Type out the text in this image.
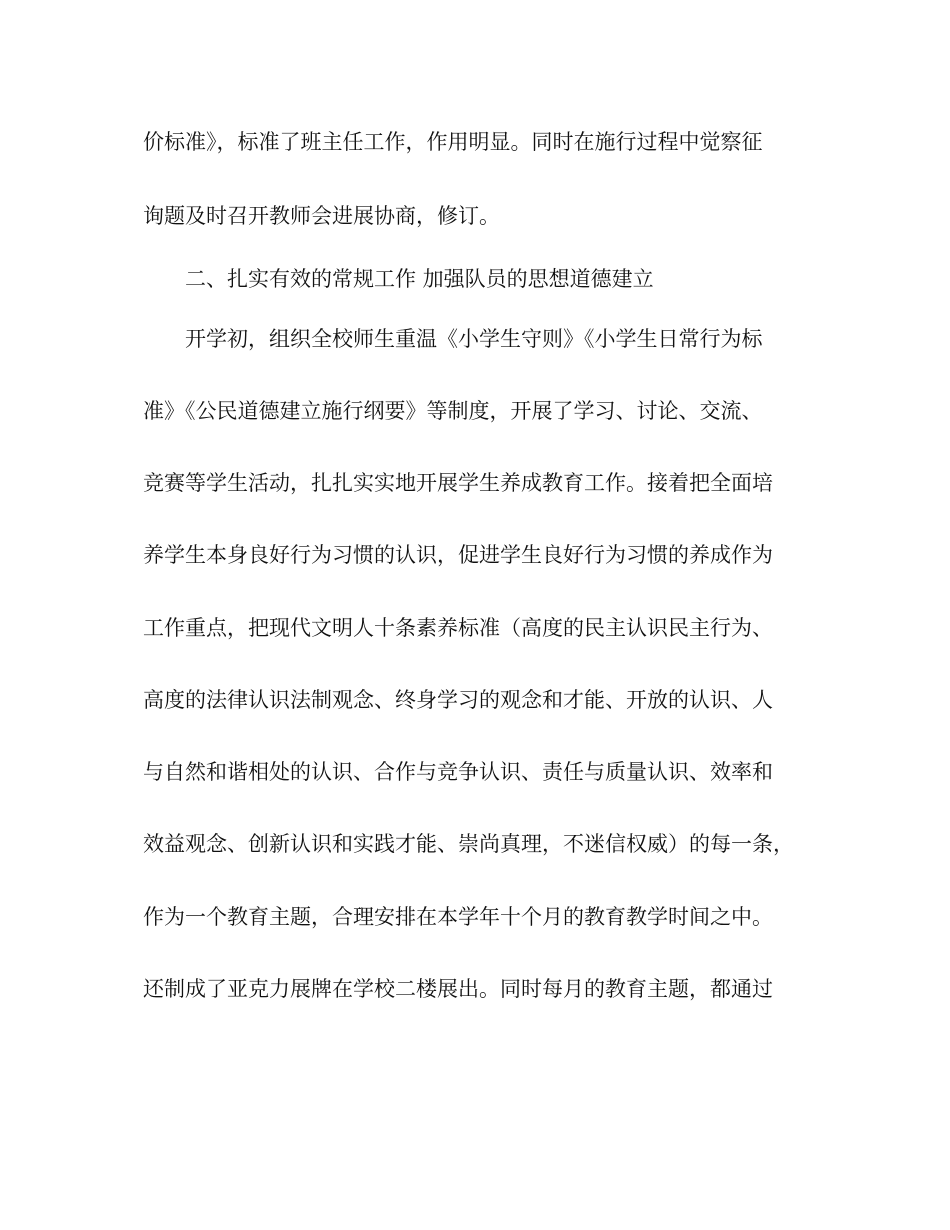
价标准》，标准了班主任工作，作用明显。同时在施行过程中觉察征
询题及时召开教师会进展协商，修订。
二、扎实有效的常规工作 加强队员的思想道德建立
开学初，组织全校师生重温《小学生守则》《小学生日常行为标
准》《公民道德建立施行纲要》等制度，开展了学习、讨论、交流、
竞赛等学生活动，扎扎实实地开展学生养成教育工作。接着把全面培
养学生本身良好行为习惯的认识，促进学生良好行为习惯的养成作为
工作重点，把现代文明人十条素养标准（高度的民主认识民主行为、
高度的法律认识法制观念、终身学习的观念和才能、开放的认识、人
与自然和谐相处的认识、合作与竞争认识、责任与质量认识、效率和
效益观念、创新认识和实践才能、崇尚真理，不迷信权威）的每一条，
作为一个教育主题，合理安排在本学年十个月的教育教学时间之中。
还制成了亚克力展牌在学校二楼展出。同时每月的教育主题，都通过
